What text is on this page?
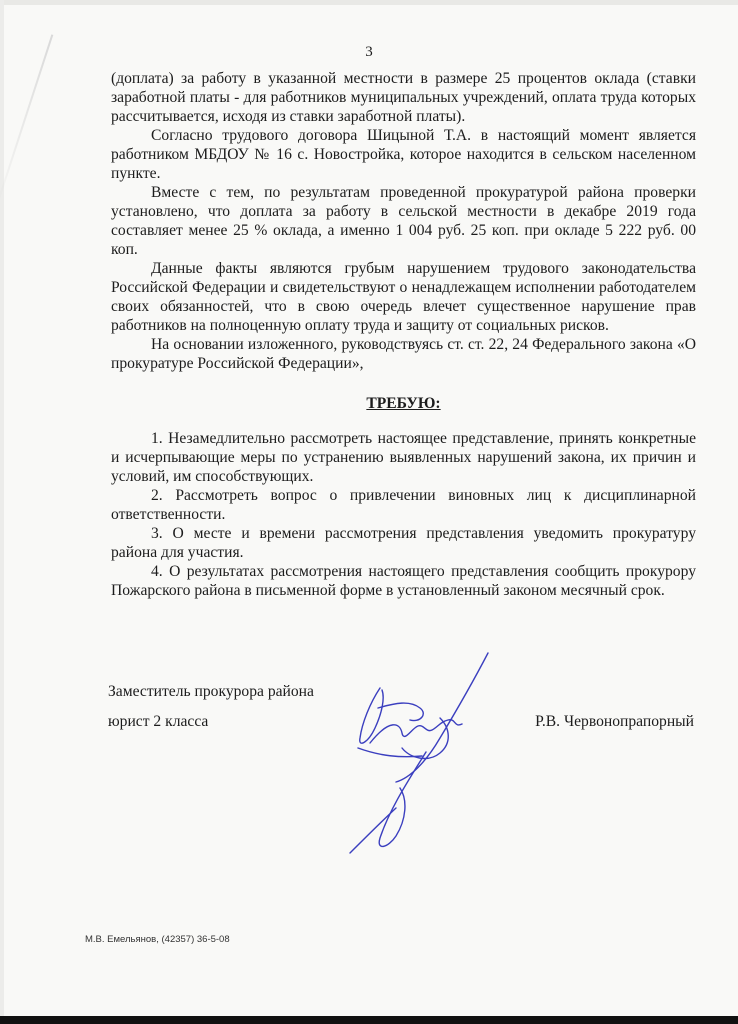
3

(доплата) за работу в указанной местности в размере 25 процентов оклада (ставки заработной платы - для работников муниципальных учреждений, оплата труда которых рассчитывается, исходя из ставки заработной платы).

Согласно трудового договора Шицыной Т.А. в настоящий момент является работником МБДОУ № 16 с. Новостройка, которое находится в сельском населенном пункте.

Вместе с тем, по результатам проведенной прокуратурой района проверки установлено, что доплата за работу в сельской местности в декабре 2019 года составляет менее 25 % оклада, а именно 1 004 руб. 25 коп. при окладе 5 222 руб. 00 коп.

Данные факты являются грубым нарушением трудового законодательства Российской Федерации и свидетельствуют о ненадлежащем исполнении работодателем своих обязанностей, что в свою очередь влечет существенное нарушение прав работников на полноценную оплату труда и защиту от социальных рисков.

На основании изложенного, руководствуясь ст. ст. 22, 24 Федерального закона «О прокуратуре Российской Федерации»,

ТРЕБУЮ:

1. Незамедлительно рассмотреть настоящее представление, принять конкретные и исчерпывающие меры по устранению выявленных нарушений закона, их причин и условий, им способствующих.

2. Рассмотреть вопрос о привлечении виновных лиц к дисциплинарной ответственности.

3. О месте и времени рассмотрения представления уведомить прокуратуру района для участия.

4. О результатах рассмотрения настоящего представления сообщить прокурору Пожарского района в письменной форме в установленный законом месячный срок.

Заместитель прокурора района
юрист 2 класса	Р.В. Червонопрапорный
М.В. Емельянов, (42357) 36-5-08
